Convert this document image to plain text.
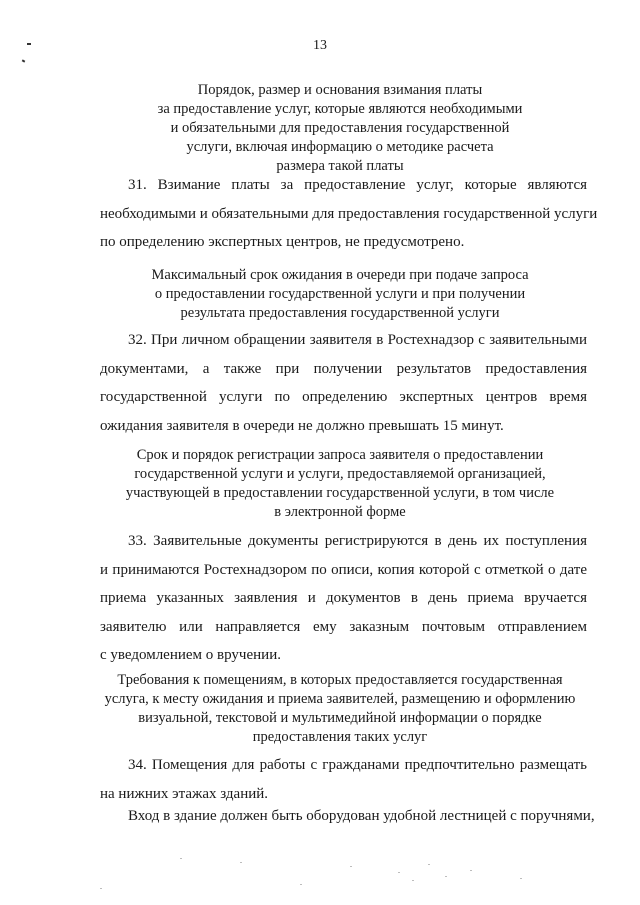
13
Порядок, размер и основания взимания платы
за предоставление услуг, которые являются необходимыми
и обязательными для предоставления государственной
услуги, включая информацию о методике расчета
размера такой платы
31. Взимание платы за предоставление услуг, которые являются
необходимыми и обязательными для предоставления государственной услуги
по определению экспертных центров, не предусмотрено.
Максимальный срок ожидания в очереди при подаче запроса
о предоставлении государственной услуги и при получении
результата предоставления государственной услуги
32. При личном обращении заявителя в Ростехнадзор с заявительными
документами, а также при получении результатов предоставления
государственной услуги по определению экспертных центров время
ожидания заявителя в очереди не должно превышать 15 минут.
Срок и порядок регистрации запроса заявителя о предоставлении
государственной услуги и услуги, предоставляемой организацией,
участвующей в предоставлении государственной услуги, в том числе
в электронной форме
33. Заявительные документы регистрируются в день их поступления
и принимаются Ростехнадзором по описи, копия которой с отметкой о дате
приема указанных заявления и документов в день приема вручается
заявителю или направляется ему заказным почтовым отправлением
с уведомлением о вручении.
Требования к помещениям, в которых предоставляется государственная
услуга, к месту ожидания и приема заявителей, размещению и оформлению
визуальной, текстовой и мультимедийной информации о порядке
предоставления таких услуг
34. Помещения для работы с гражданами предпочтительно размещать
на нижних этажах зданий.
Вход в здание должен быть оборудован удобной лестницей с поручнями,
